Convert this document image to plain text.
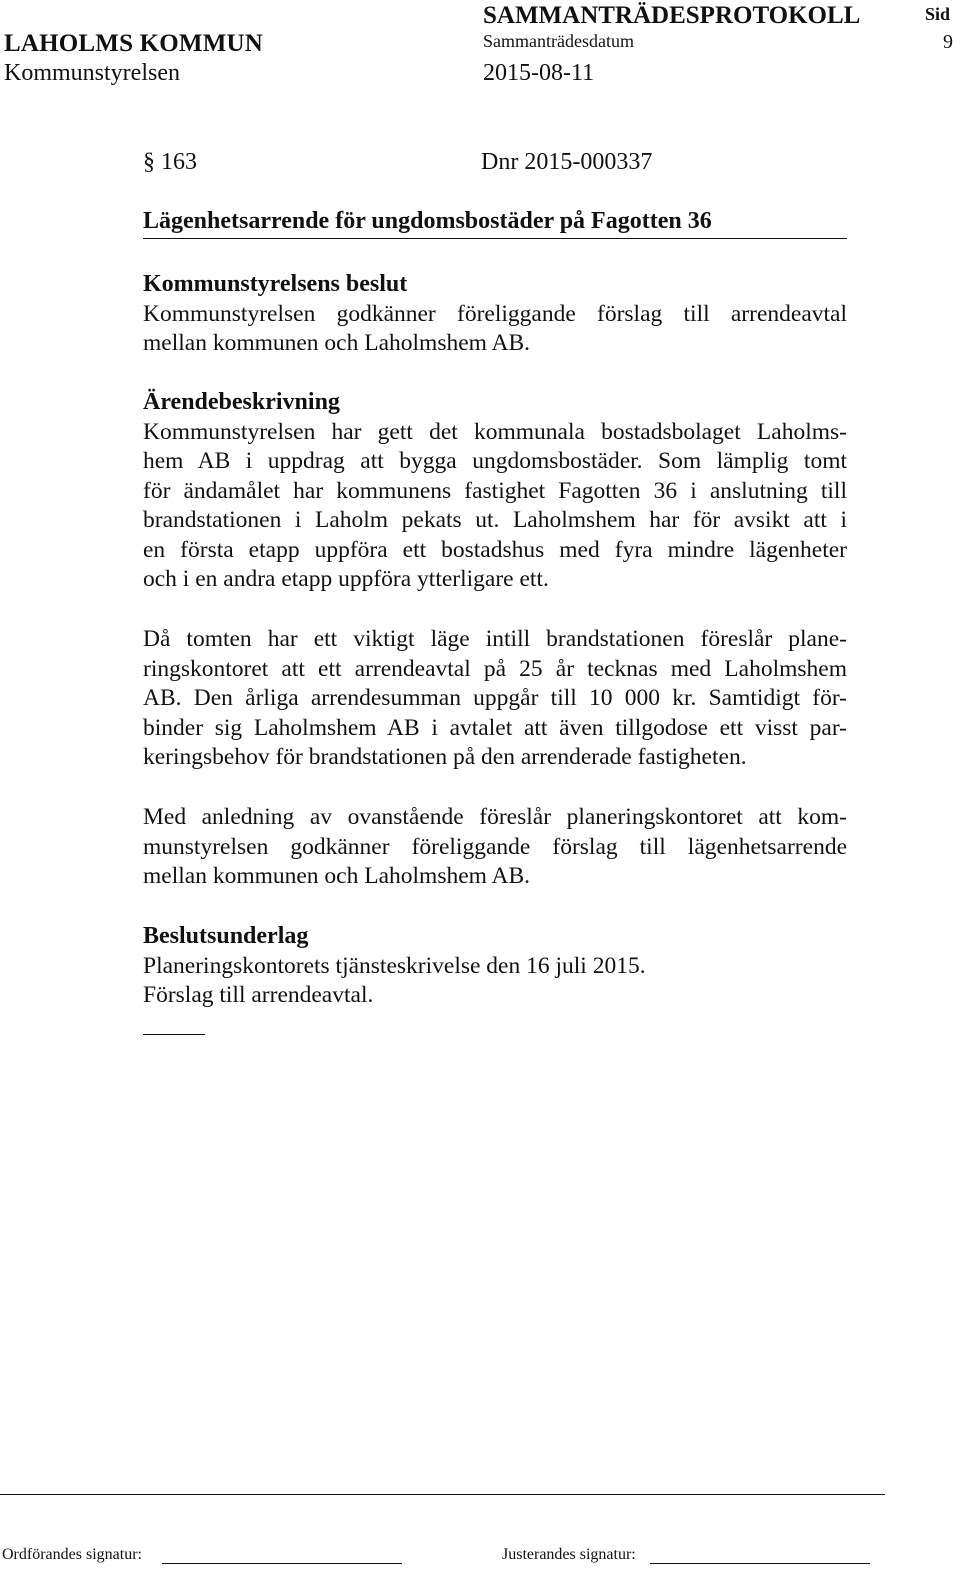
LAHOLMS KOMMUN
Kommunstyrelsen
SAMMANTRÄDESPROTOKOLL
Sammanträdesdatum
2015-08-11
Sid
9
§ 163	Dnr 2015-000337
Lägenhetsarrende för ungdomsbostäder på Fagotten 36
Kommunstyrelsens beslut
Kommunstyrelsen godkänner föreliggande förslag till arrendeavtal
mellan kommunen och Laholmshem AB.
Ärendebeskrivning
Kommunstyrelsen har gett det kommunala bostadsbolaget Laholms-
hem AB i uppdrag att bygga ungdomsbostäder. Som lämplig tomt
för ändamålet har kommunens fastighet Fagotten 36 i anslutning till
brandstationen i Laholm pekats ut. Laholmshem har för avsikt att i
en första etapp uppföra ett bostadshus med fyra mindre lägenheter
och i en andra etapp uppföra ytterligare ett.
Då tomten har ett viktigt läge intill brandstationen föreslår plane-
ringskontoret att ett arrendeavtal på 25 år tecknas med Laholmshem
AB. Den årliga arrendesumman uppgår till 10 000 kr. Samtidigt för-
binder sig Laholmshem AB i avtalet att även tillgodose ett visst par-
keringsbehov för brandstationen på den arrenderade fastigheten.
Med anledning av ovanstående föreslår planeringskontoret att kom-
munstyrelsen godkänner föreliggande förslag till lägenhetsarrende
mellan kommunen och Laholmshem AB.
Beslutsunderlag
Planeringskontorets tjänsteskrivelse den 16 juli 2015.
Förslag till arrendeavtal.
Ordförandes signatur:	Justerandes signatur:
